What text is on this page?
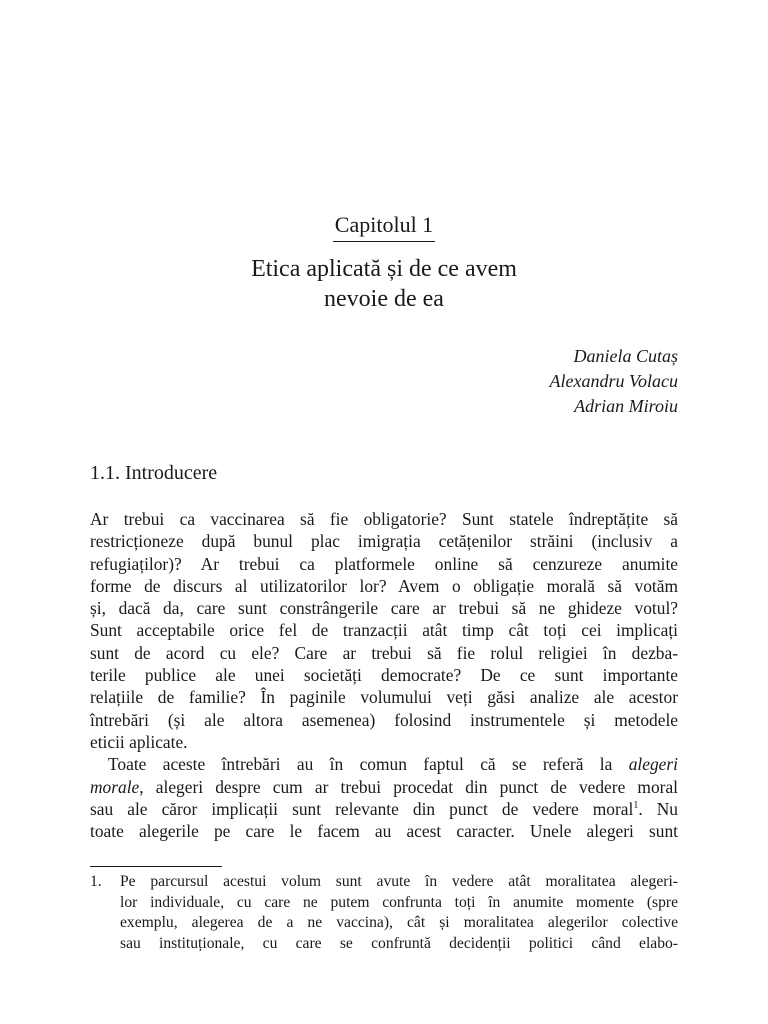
Capitolul 1
Etica aplicată și de ce avem
nevoie de ea
Daniela Cutaș
Alexandru Volacu
Adrian Miroiu
1.1. Introducere
Ar trebui ca vaccinarea să fie obligatorie? Sunt statele îndreptățite să
restricționeze după bunul plac imigrația cetățenilor străini (inclusiv a
refugiaților)? Ar trebui ca platformele online să cenzureze anumite
forme de discurs al utilizatorilor lor? Avem o obligație morală să votăm
și, dacă da, care sunt constrângerile care ar trebui să ne ghideze votul?
Sunt acceptabile orice fel de tranzacții atât timp cât toți cei implicați
sunt de acord cu ele? Care ar trebui să fie rolul religiei în dezba-
terile publice ale unei societăți democrate? De ce sunt importante
relațiile de familie? În paginile volumului veți găsi analize ale acestor
întrebări (și ale altora asemenea) folosind instrumentele și metodele
eticii aplicate.
Toate aceste întrebări au în comun faptul că se referă la alegeri
morale, alegeri despre cum ar trebui procedat din punct de vedere moral
sau ale căror implicații sunt relevante din punct de vedere moral$^1$. Nu
toate alegerile pe care le facem au acest caracter. Unele alegeri sunt
1.	Pe parcursul acestui volum sunt avute în vedere atât moralitatea alegeri-
lor individuale, cu care ne putem confrunta toți în anumite momente (spre
exemplu, alegerea de a ne vaccina), cât și moralitatea alegerilor colective
sau instituționale, cu care se confruntă decidenții politici când elabo-
